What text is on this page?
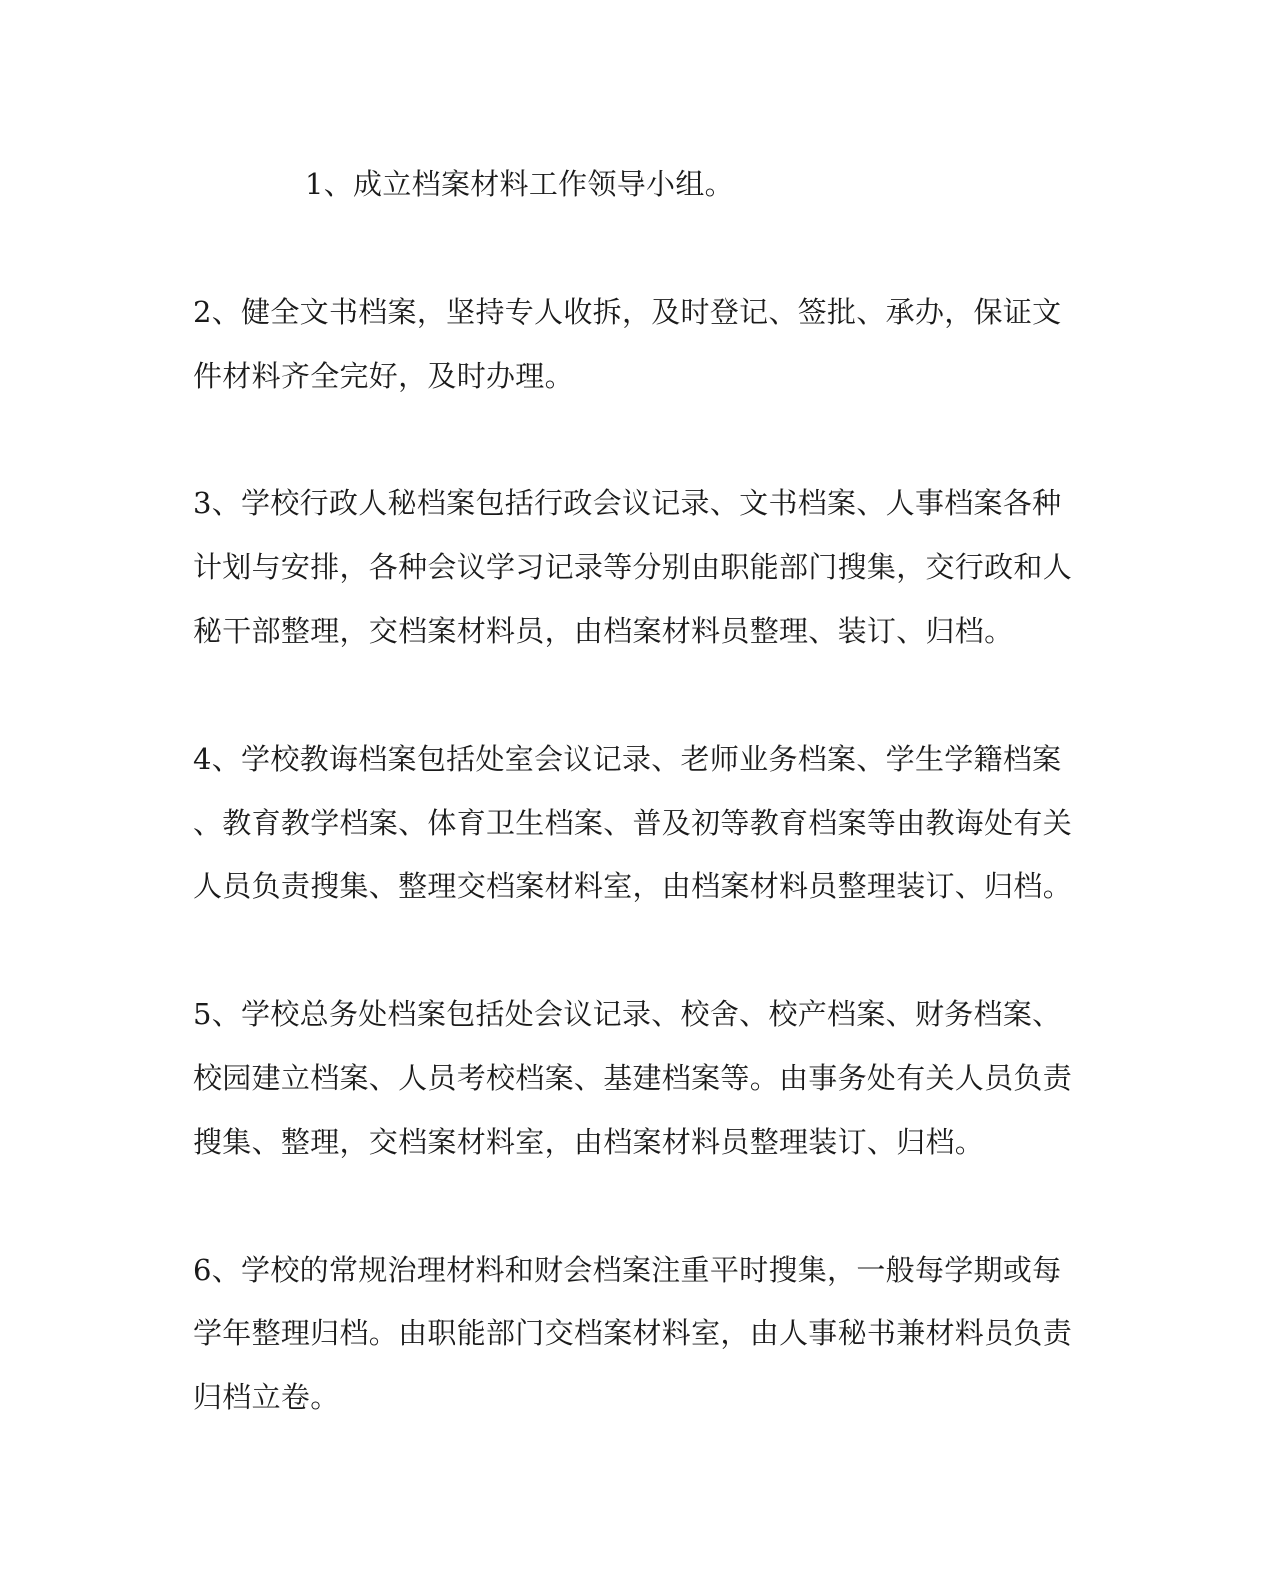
1、成立档案材料工作领导小组。
2、健全文书档案，坚持专人收拆，及时登记、签批、承办，保证文
件材料齐全完好，及时办理。
3、学校行政人秘档案包括行政会议记录、文书档案、人事档案各种
计划与安排，各种会议学习记录等分别由职能部门搜集，交行政和人
秘干部整理，交档案材料员，由档案材料员整理、装订、归档。
4、学校教诲档案包括处室会议记录、老师业务档案、学生学籍档案
、教育教学档案、体育卫生档案、普及初等教育档案等由教诲处有关
人员负责搜集、整理交档案材料室，由档案材料员整理装订、归档。
5、学校总务处档案包括处会议记录、校舍、校产档案、财务档案、
校园建立档案、人员考校档案、基建档案等。由事务处有关人员负责
搜集、整理，交档案材料室，由档案材料员整理装订、归档。
6、学校的常规治理材料和财会档案注重平时搜集，一般每学期或每
学年整理归档。由职能部门交档案材料室，由人事秘书兼材料员负责
归档立卷。
